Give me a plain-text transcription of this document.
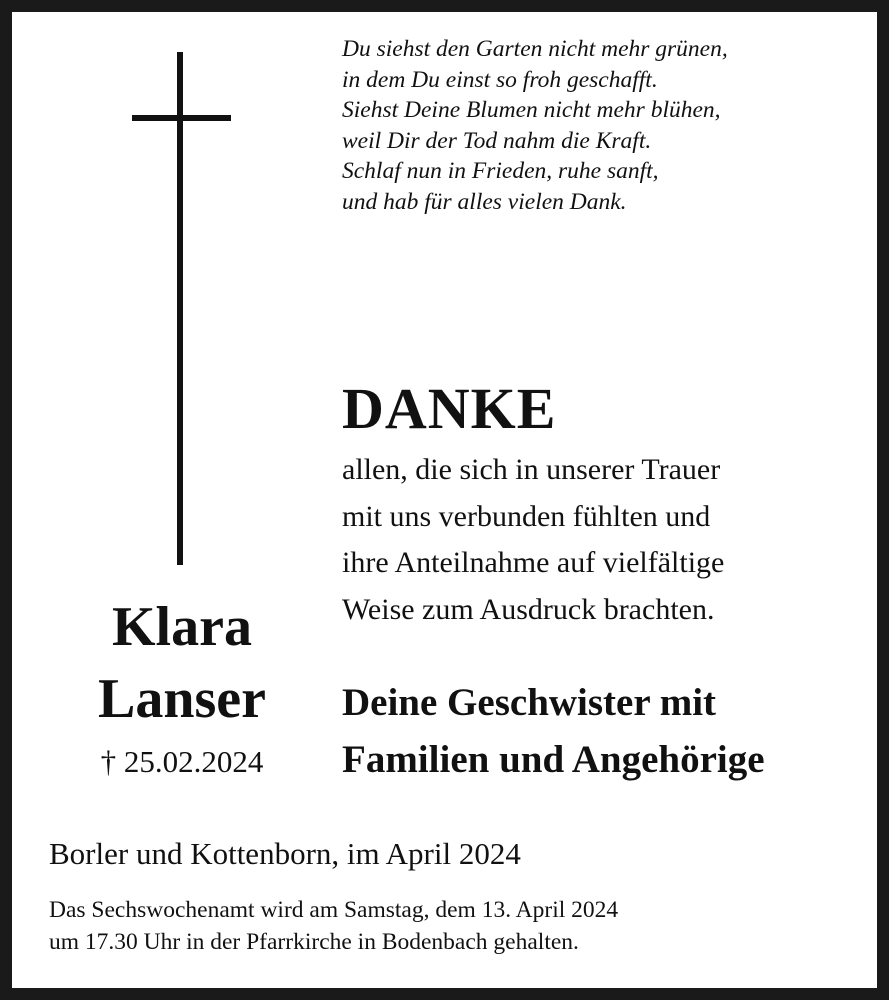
Du siehst den Garten nicht mehr grünen,
in dem Du einst so froh geschafft.
Siehst Deine Blumen nicht mehr blühen,
weil Dir der Tod nahm die Kraft.
Schlaf nun in Frieden, ruhe sanft,
und hab für alles vielen Dank.
DANKE
allen, die sich in unserer Trauer
mit uns verbunden fühlten und
ihre Anteilnahme auf vielfältige
Weise zum Ausdruck brachten.
Klara
Lanser
† 25.02.2024
Deine Geschwister mit
Familien und Angehörige
Borler und Kottenborn, im April 2024
Das Sechswochenamt wird am Samstag, dem 13. April 2024
um 17.30 Uhr in der Pfarrkirche in Bodenbach gehalten.
